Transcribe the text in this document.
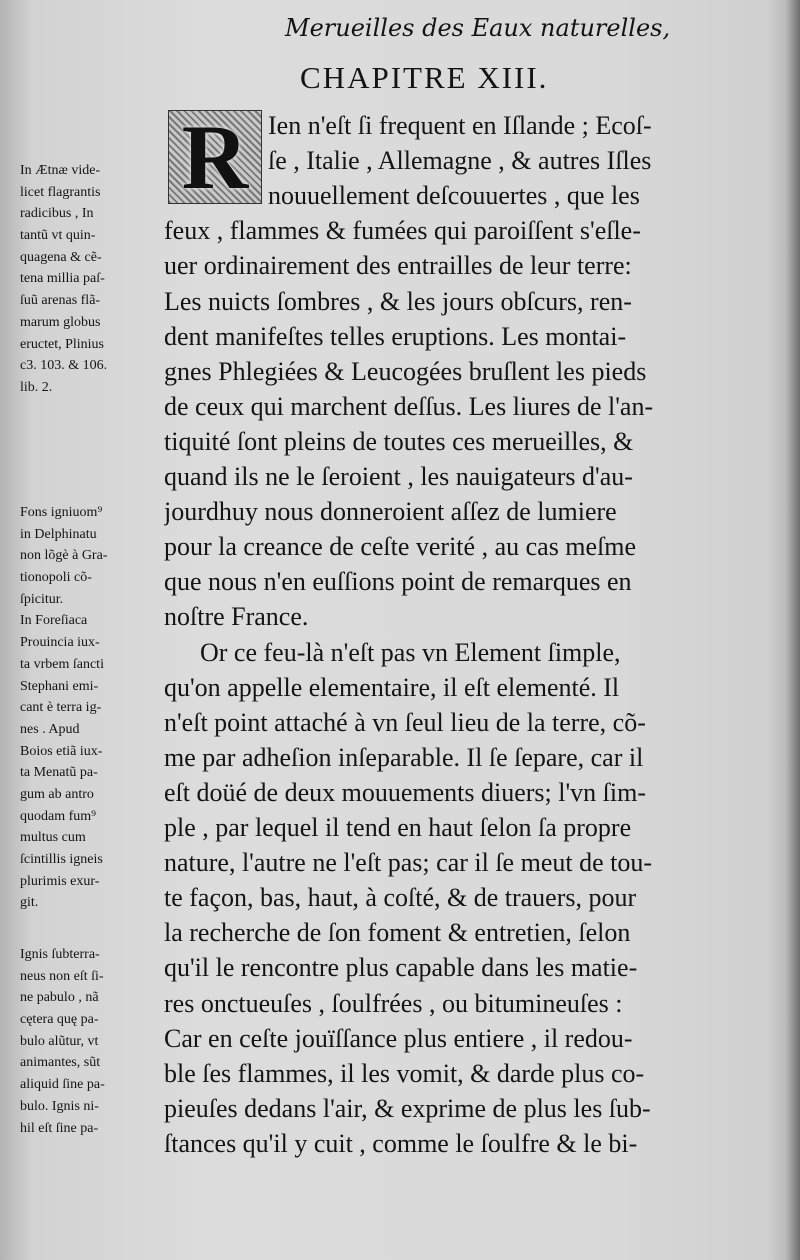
Merueilles des Eaux naturelles,
CHAPITRE XIII.
R Ien n'eſt ſi frequent en Iſlande ; Ecoſ-
ſe , Italie , Allemagne , & autres Iſles
nouuellement deſcouuertes , que les
feux , flammes & fumées qui paroiſſent s'eſle-
uer ordinairement des entrailles de leur terre:
Les nuicts ſombres , & les jours obſcurs, ren-
dent manifeſtes telles eruptions. Les montai-
gnes Phlegiées & Leucogées bruſlent les pieds
de ceux qui marchent deſſus. Les liures de l'an-
tiquité ſont pleins de toutes ces merueilles, &
quand ils ne le ſeroient , les nauigateurs d'au-
jourdhuy nous donneroient aſſez de lumiere
pour la creance de ceſte verité , au cas meſme
que nous n'en euſſions point de remarques en
noſtre France.
Or ce feu-là n'eſt pas vn Element ſimple,
qu'on appelle elementaire, il eſt elementé. Il
n'eſt point attaché à vn ſeul lieu de la terre, cõ-
me par adheſion inſeparable. Il ſe ſepare, car il
eſt doüé de deux mouuements diuers; l'vn ſim-
ple , par lequel il tend en haut ſelon ſa propre
nature, l'autre ne l'eſt pas; car il ſe meut de tou-
te façon, bas, haut, à coſté, & de trauers, pour
la recherche de ſon foment & entretien, ſelon
qu'il le rencontre plus capable dans les matie-
res onctueuſes , ſoulfrées , ou bitumineuſes :
Car en ceſte jouïſſance plus entiere , il redou-
ble ſes flammes, il les vomit, & darde plus co-
pieuſes dedans l'air, & exprime de plus les ſub-
ſtances qu'il y cuit , comme le ſoulfre & le bi-
In Ætnæ vide-
licet flagrantis
radicibus , In
tantũ vt quin-
quagena & cẽ-
tena millia paſ-
ſuũ arenas flã-
marum globus
eructet, Plinius
c3. 103. & 106.
lib. 2.
Fons igniuom⁹
in Delphinatu
non lõgè à Gra-
tionopoli cõ-
ſpicitur.
In Foreſiaca
Prouincia iux-
ta vrbem ſancti
Stephani emi-
cant è terra ig-
nes . Apud
Boios etiã iux-
ta Menatũ pa-
gum ab antro
quodam fum⁹
multus cum
ſcintillis igneis
plurimis exur-
git.
Ignis ſubterra-
neus non eſt ſi-
ne pabulo , nã
cętera quę pa-
bulo alũtur, vt
animantes, sũt
aliquid ſine pa-
bulo. Ignis ni-
hil eſt ſine pa-
